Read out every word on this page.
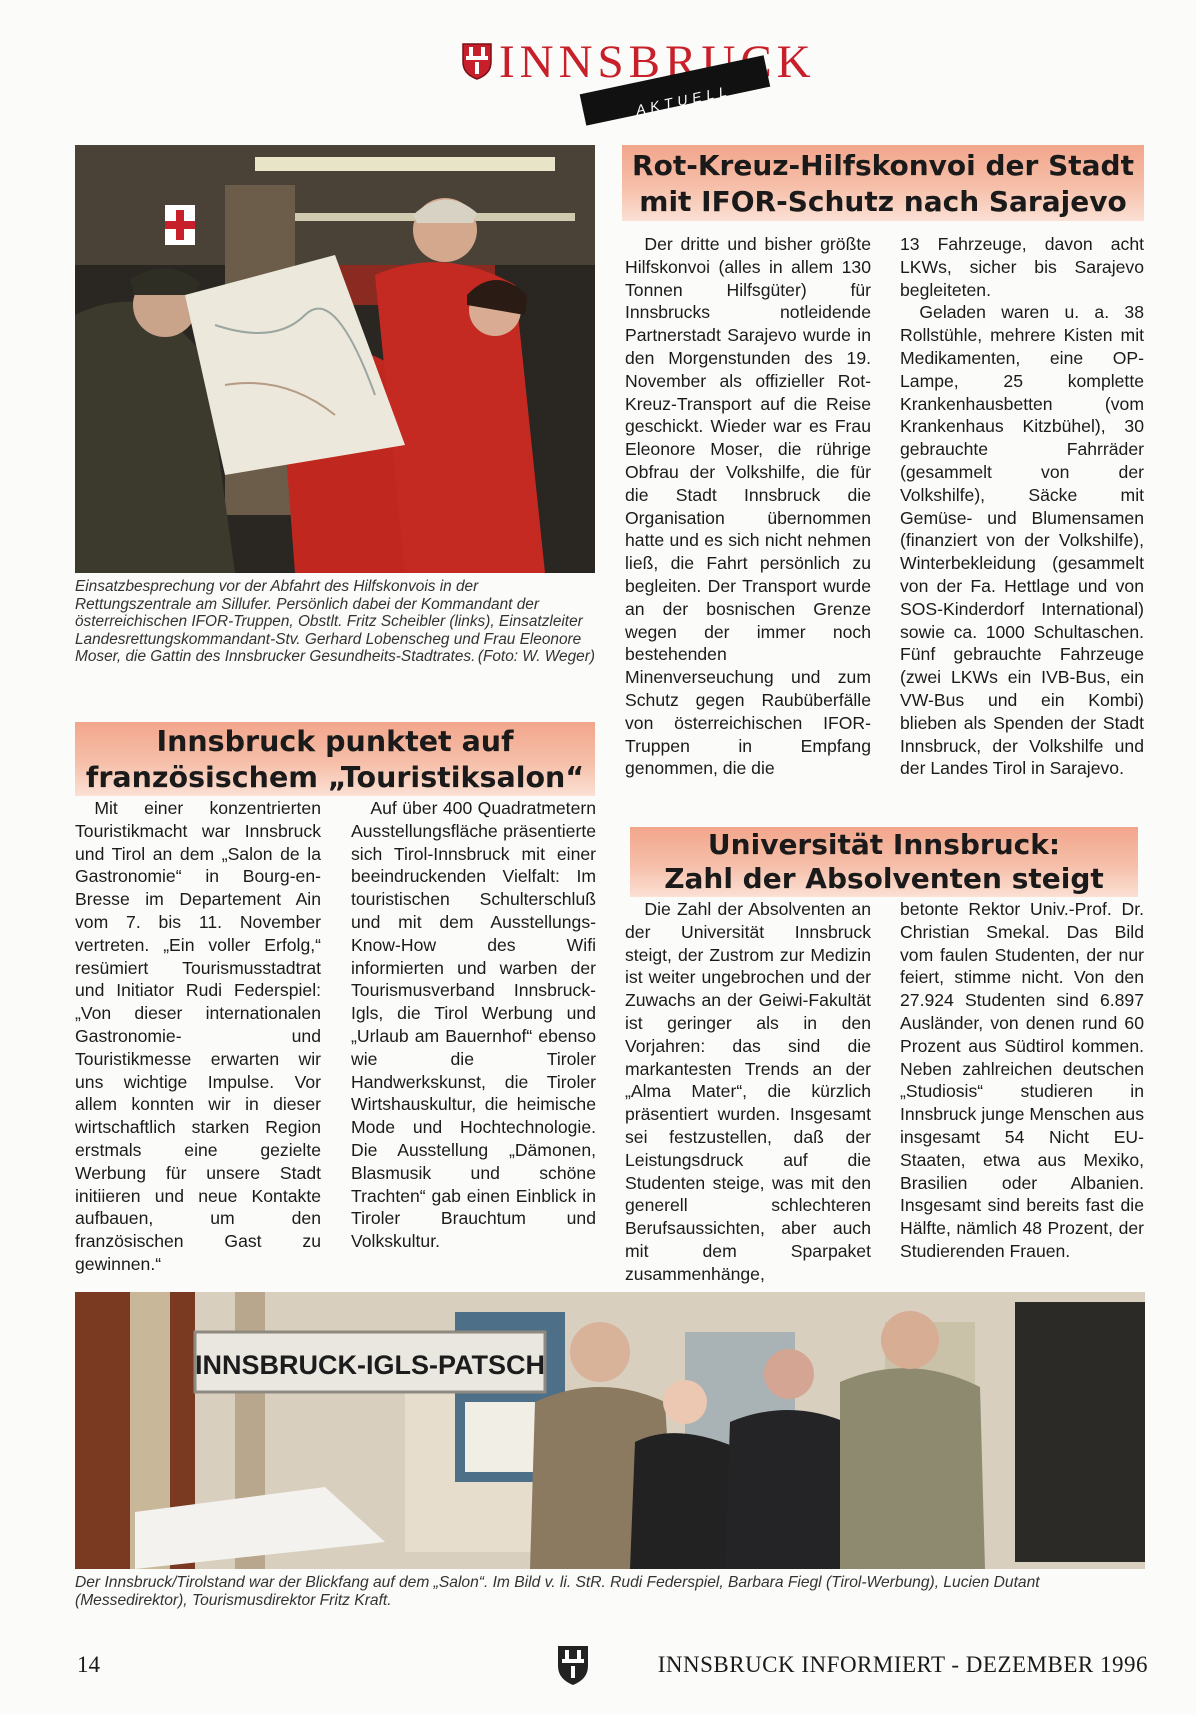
INNSBRUCK
AKTUELL
Einsatzbesprechung vor der Abfahrt des Hilfskonvois in der Rettungszentrale am Sillufer. Persönlich dabei der Kommandant der österreichischen IFOR-Truppen, Obstlt. Fritz Scheibler (links), Einsatzleiter Landesrettungskommandant-Stv. Gerhard Lobenscheg und Frau Eleonore Moser, die Gattin des Innsbrucker Gesundheits-Stadtrates. (Foto: W. Weger)
Rot-Kreuz-Hilfskonvoi der Stadt
mit IFOR-Schutz nach Sarajevo

Der dritte und bisher größte Hilfskonvoi (alles in allem 130 Tonnen Hilfsgüter) für Innsbrucks notleidende Partnerstadt Sarajevo wurde in den Morgenstunden des 19. November als offizieller Rot-Kreuz-Transport auf die Reise geschickt. Wieder war es Frau Eleonore Moser, die rührige Obfrau der Volkshilfe, die für die Stadt Innsbruck die Organisation übernommen hatte und es sich nicht nehmen ließ, die Fahrt persönlich zu begleiten. Der Transport wurde an der bosnischen Grenze wegen der immer noch bestehenden Minenverseuchung und zum Schutz gegen Raubüberfälle von österreichischen IFOR-Truppen in Empfang genommen, die die

13 Fahrzeuge, davon acht LKWs, sicher bis Sarajevo begleiteten.

Geladen waren u. a. 38 Rollstühle, mehrere Kisten mit Medikamenten, eine OP-Lampe, 25 komplette Krankenhausbetten (vom Krankenhaus Kitzbühel), 30 gebrauchte Fahrräder (gesammelt von der Volkshilfe), Säcke mit Gemüse- und Blumensamen (finanziert von der Volkshilfe), Winterbekleidung (gesammelt von der Fa. Hettlage und von SOS-Kinderdorf International) sowie ca. 1000 Schultaschen. Fünf gebrauchte Fahrzeuge (zwei LKWs ein IVB-Bus, ein VW-Bus und ein Kombi) blieben als Spenden der Stadt Innsbruck, der Volkshilfe und der Landes Tirol in Sarajevo.

Innsbruck punktet auf
französischem „Touristiksalon“

Mit einer konzentrierten Touristikmacht war Innsbruck und Tirol an dem „Salon de la Gastronomie“ in Bourg-en-Bresse im Departement Ain vom 7. bis 11. November vertreten. „Ein voller Erfolg,“ resümiert Tourismusstadtrat und Initiator Rudi Federspiel: „Von dieser internationalen Gastronomie- und Touristikmesse erwarten wir uns wichtige Impulse. Vor allem konnten wir in dieser wirtschaftlich starken Region erstmals eine gezielte Werbung für unsere Stadt initiieren und neue Kontakte aufbauen, um den französischen Gast zu gewinnen.“

Auf über 400 Quadratmetern Ausstellungsfläche präsentierte sich Tirol-Innsbruck mit einer beeindruckenden Vielfalt: Im touristischen Schulterschluß und mit dem Ausstellungs-Know-How des Wifi informierten und warben der Tourismusverband Innsbruck-Igls, die Tirol Werbung und „Urlaub am Bauernhof“ ebenso wie die Tiroler Handwerkskunst, die Tiroler Wirtshauskultur, die heimische Mode und Hochtechnologie. Die Ausstellung „Dämonen, Blasmusik und schöne Trachten“ gab einen Einblick in Tiroler Brauchtum und Volkskultur.

Universität Innsbruck:
Zahl der Absolventen steigt

Die Zahl der Absolventen an der Universität Innsbruck steigt, der Zustrom zur Medizin ist weiter ungebrochen und der Zuwachs an der Geiwi-Fakultät ist geringer als in den Vorjahren: das sind die markantesten Trends an der „Alma Mater“, die kürzlich präsentiert wurden. Insgesamt sei festzustellen, daß der Leistungsdruck auf die Studenten steige, was mit den generell schlechteren Berufsaussichten, aber auch mit dem Sparpaket zusammenhänge,

betonte Rektor Univ.-Prof. Dr. Christian Smekal. Das Bild vom faulen Studenten, der nur feiert, stimme nicht. Von den 27.924 Studenten sind 6.897 Ausländer, von denen rund 60 Prozent aus Südtirol kommen. Neben zahlreichen deutschen „Studiosis“ studieren in Innsbruck junge Menschen aus insgesamt 54 Nicht EU-Staaten, etwa aus Mexiko, Brasilien oder Albanien. Insgesamt sind bereits fast die Hälfte, nämlich 48 Prozent, der Studierenden Frauen.

INNSBRUCK-IGLS-PATSCH
Der Innsbruck/Tirolstand war der Blickfang auf dem „Salon“. Im Bild v. li. StR. Rudi Federspiel, Barbara Fiegl (Tirol-Werbung), Lucien Dutant (Messedirektor), Tourismusdirektor Fritz Kraft.
14	INNSBRUCK INFORMIERT - DEZEMBER 1996
